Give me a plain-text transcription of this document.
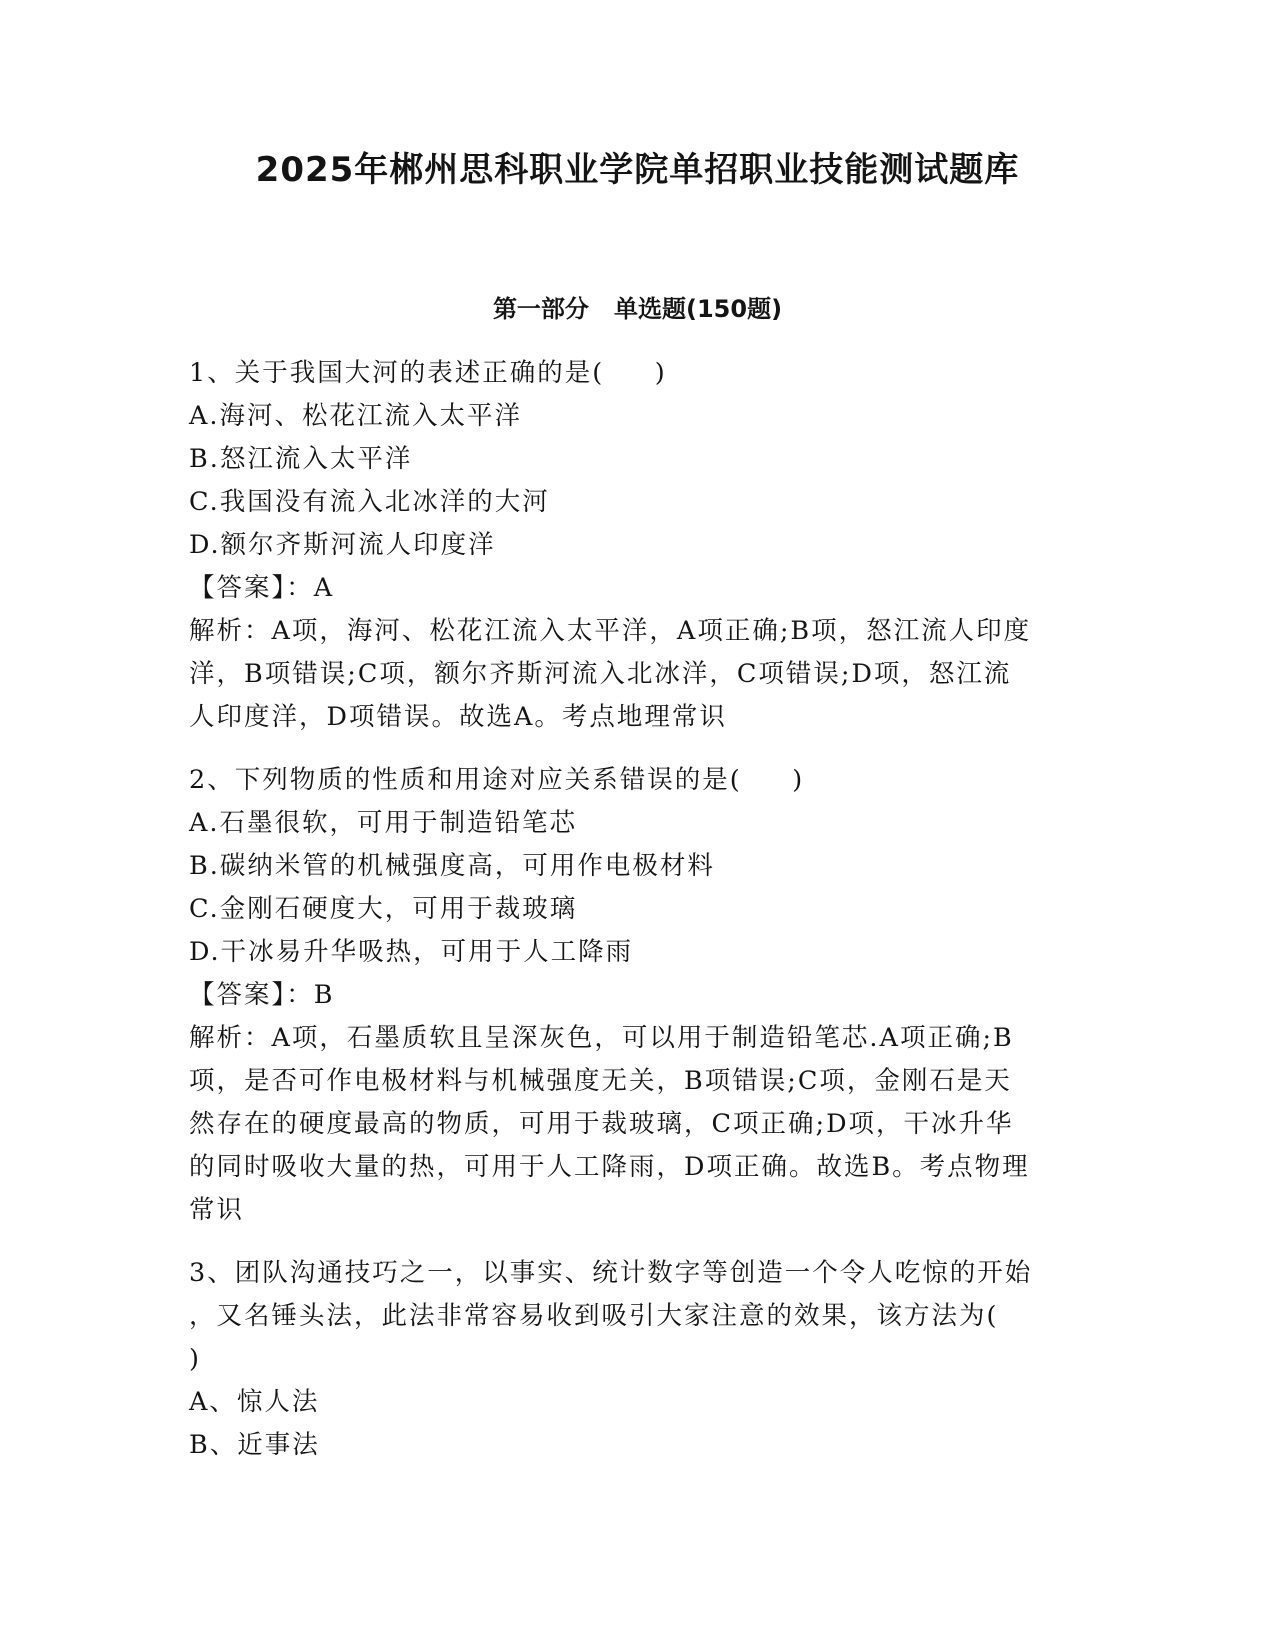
2025年郴州思科职业学院单招职业技能测试题库
第一部分   单选题(150题)

1、关于我国大河的表述正确的是(     )

A.海河、松花江流入太平洋

B.怒江流入太平洋

C.我国没有流入北冰洋的大河

D.额尔齐斯河流人印度洋

【答案】：A

解析：A项，海河、松花江流入太平洋，A项正确;B项，怒江流人印度

洋，B项错误;C项，额尔齐斯河流入北冰洋，C项错误;D项，怒江流

人印度洋，D项错误。故选A。考点地理常识

2、下列物质的性质和用途对应关系错误的是(     )

A.石墨很软，可用于制造铅笔芯

B.碳纳米管的机械强度高，可用作电极材料

C.金刚石硬度大，可用于裁玻璃

D.干冰易升华吸热，可用于人工降雨

【答案】：B

解析：A项，石墨质软且呈深灰色，可以用于制造铅笔芯.A项正确;B

项，是否可作电极材料与机械强度无关，B项错误;C项，金刚石是天

然存在的硬度最高的物质，可用于裁玻璃，C项正确;D项，干冰升华

的同时吸收大量的热，可用于人工降雨，D项正确。故选B。考点物理

常识

3、团队沟通技巧之一，以事实、统计数字等创造一个令人吃惊的开始

，又名锤头法，此法非常容易收到吸引大家注意的效果，该方法为(

)

A、惊人法

B、近事法
